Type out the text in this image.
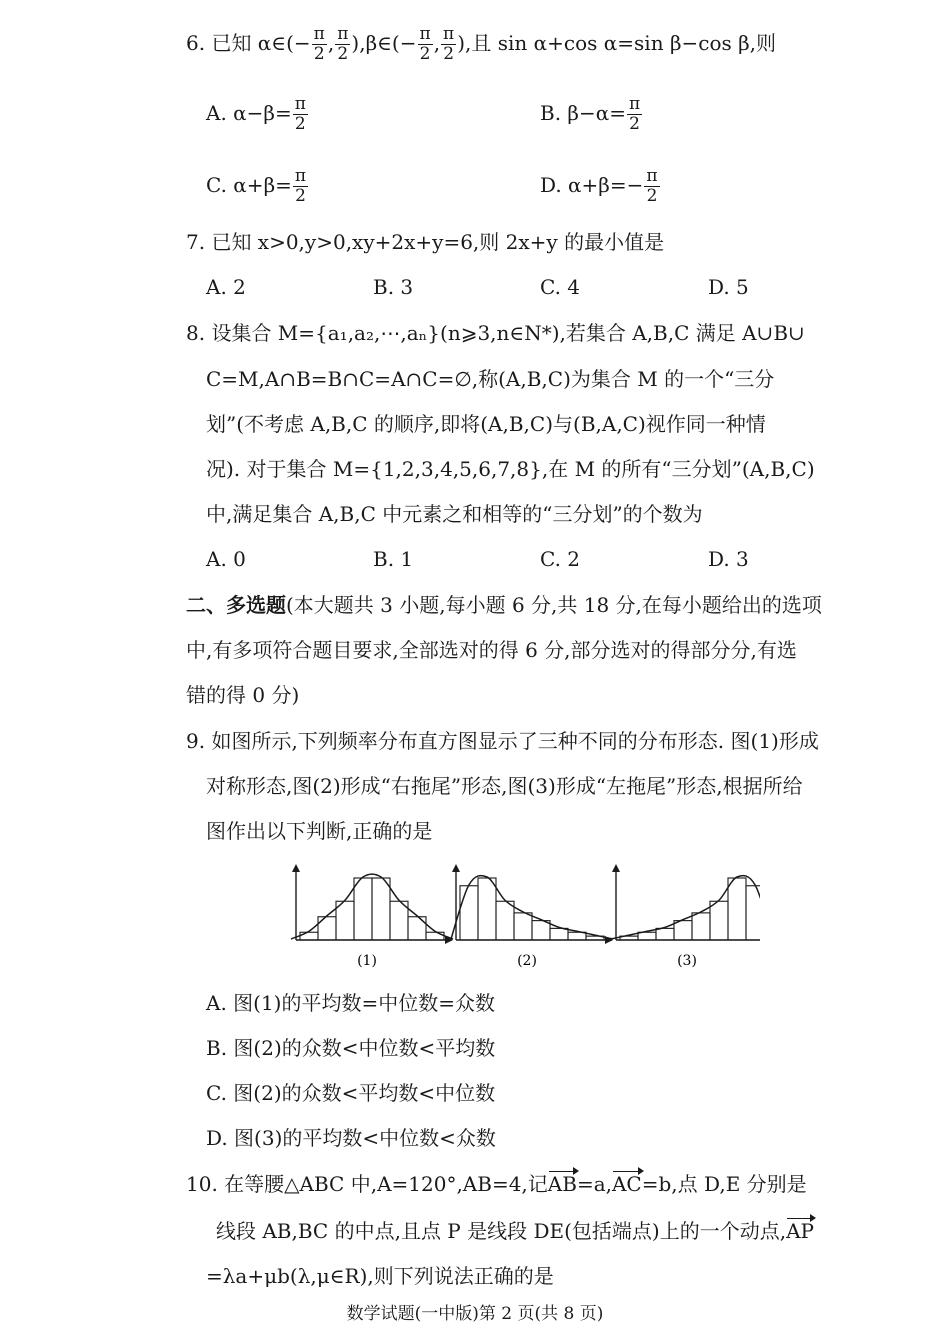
6. 已知 α∈(− $\frac{\pi}{2}$ , $\frac{\pi}{2}$ ),β∈(− $\frac{\pi}{2}$ , $\frac{\pi}{2}$ ),且 sin α+cos α=sin β−cos β,则
A. $\alpha-\beta= \frac{\pi}{2}$	B. $\beta-\alpha= \frac{\pi}{2}$
C. $\alpha+\beta= \frac{\pi}{2}$	D. $\alpha+\beta=- \frac{\pi}{2}$
7. 已知 x>0,y>0,xy+2x+y=6,则 2x+y 的最小值是
A. 2	B. 3	C. 4	D. 5
8. 设集合 M={a₁,a₂,⋯,aₙ}(n⩾3,n∈N*),若集合 A,B,C 满足 A∪B∪
C=M,A∩B=B∩C=A∩C=∅,称(A,B,C)为集合 M 的一个“三分
划”(不考虑 A,B,C 的顺序,即将(A,B,C)与(B,A,C)视作同一种情
况). 对于集合 M={1,2,3,4,5,6,7,8},在 M 的所有“三分划”(A,B,C)
中,满足集合 A,B,C 中元素之和相等的“三分划”的个数为
A. 0	B. 1	C. 2	D. 3
二、多选题(本大题共 3 小题,每小题 6 分,共 18 分,在每小题给出的选项
中,有多项符合题目要求,全部选对的得 6 分,部分选对的得部分分,有选
错的得 0 分)
9. 如图所示,下列频率分布直方图显示了三种不同的分布形态. 图(1)形成
对称形态,图(2)形成“右拖尾”形态,图(3)形成“左拖尾”形态,根据所给
图作出以下判断,正确的是
(1)	(2)	(3)
A. 图(1)的平均数=中位数=众数
B. 图(2)的众数<中位数<平均数
C. 图(2)的众数<平均数<中位数
D. 图(3)的平均数<中位数<众数
10. 在等腰△ABC 中,A=120°,AB=4,记AB=a,AC=b,点 D,E 分别是
线段 AB,BC 的中点,且点 P 是线段 DE(包括端点)上的一个动点,AP
=λa+μb(λ,μ∈R),则下列说法正确的是
数学试题(一中版)第 2 页(共 8 页)
